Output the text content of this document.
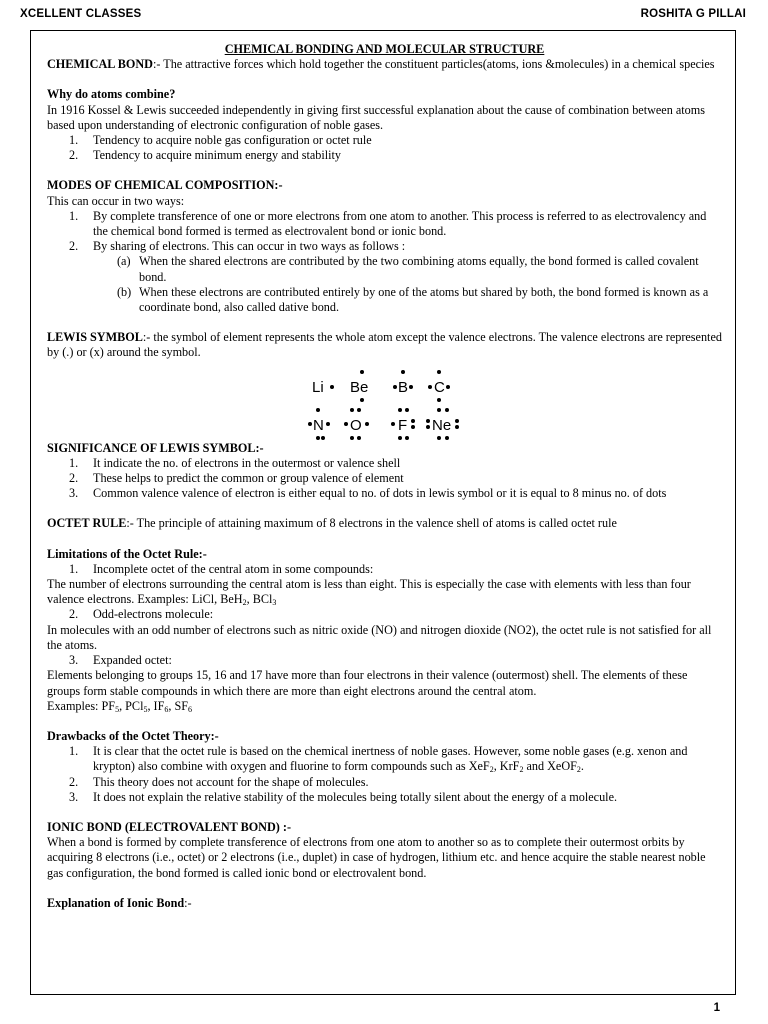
XCELLENT CLASSES	ROSHITA G PILLAI

CHEMICAL BONDING AND MOLECULAR STRUCTURE

CHEMICAL BOND:- The attractive forces which hold together the constituent particles(atoms, ions &molecules) in a chemical species

Why do atoms combine?

In 1916 Kossel & Lewis succeeded independently in giving first successful explanation about the cause of combination between atoms based upon understanding of electronic configuration of noble gases.

1. Tendency to acquire noble gas configuration or octet rule
2. Tendency to acquire minimum energy and stability

MODES OF CHEMICAL COMPOSITION:-

This can occur in two ways:

1. By complete transference of one or more electrons from one atom to another. This process is referred to as electrovalency and the chemical bond formed is termed as electrovalent bond or ionic bond.
2. By sharing of electrons. This can occur in two ways as follows :
(a) When the shared electrons are contributed by the two combining atoms equally, the bond formed is called covalent bond.
(b) When these electrons are contributed entirely by one of the atoms but shared by both, the bond formed is known as a coordinate bond, also called dative bond.

LEWIS SYMBOL:- the symbol of element represents the whole atom except the valence electrons. The valence electrons are represented by (.) or (x) around the symbol.

Li Be B C
N O F Ne

SIGNIFICANCE OF LEWIS SYMBOL:-

1. It indicate the no. of electrons in the outermost or valence shell
2. These helps to predict the common or group valence of element
3. Common valence valence of electron is either equal to no. of dots in lewis symbol or it is equal to 8 minus no. of dots

OCTET RULE:- The principle of attaining maximum of 8 electrons in the valence shell of atoms is called octet rule

Limitations of the Octet Rule:-

1. Incomplete octet of the central atom in some compounds:

The number of electrons surrounding the central atom is less than eight. This is especially the case with elements with less than four valence electrons. Examples: LiCl, BeH$_2$, BCl$_3$

2. Odd-electrons molecule:

In molecules with an odd number of electrons such as nitric oxide (NO) and nitrogen dioxide (NO2), the octet rule is not satisfied for all the atoms.

3. Expanded octet:

Elements belonging to groups 15, 16 and 17 have more than four electrons in their valence (outermost) shell. The elements of these groups form stable compounds in which there are more than eight electrons around the central atom.

Examples: $PF_5$, PCl$_5$, $IF_6$, $SF_6$

Drawbacks of the Octet Theory:-

1. It is clear that the octet rule is based on the chemical inertness of noble gases. However, some noble gases (e.g. xenon and krypton) also combine with oxygen and fluorine to form compounds such as XeF$_2$, KrF$_2$ and XeOF$_2$.
2. This theory does not account for the shape of molecules.
3. It does not explain the relative stability of the molecules being totally silent about the energy of a molecule.

IONIC BOND (ELECTROVALENT BOND) :-

When a bond is formed by complete transference of electrons from one atom to another so as to complete their outermost orbits by acquiring 8 electrons (i.e., octet) or 2 electrons (i.e., duplet) in case of hydrogen, lithium etc. and hence acquire the stable nearest noble gas configuration, the bond formed is called ionic bond or electrovalent bond.

Explanation of Ionic Bond:-

1
